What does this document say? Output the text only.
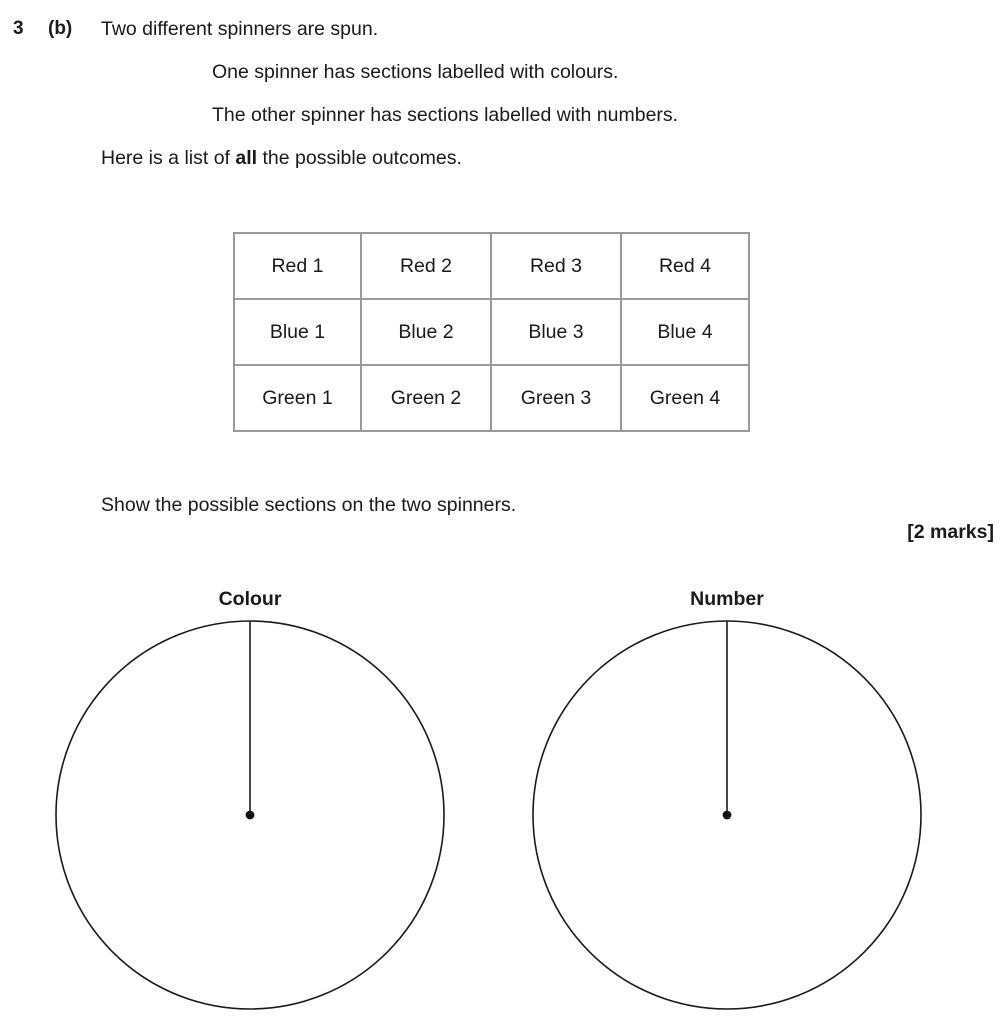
3 (b) Two different spinners are spun.
One spinner has sections labelled with colours.
The other spinner has sections labelled with numbers.
Here is a list of all the possible outcomes.
Red 1	Red 2	Red 3	Red 4
Blue 1	Blue 2	Blue 3	Blue 4
Green 1	Green 2	Green 3	Green 4
Show the possible sections on the two spinners.
[2 marks]
Colour	Number
